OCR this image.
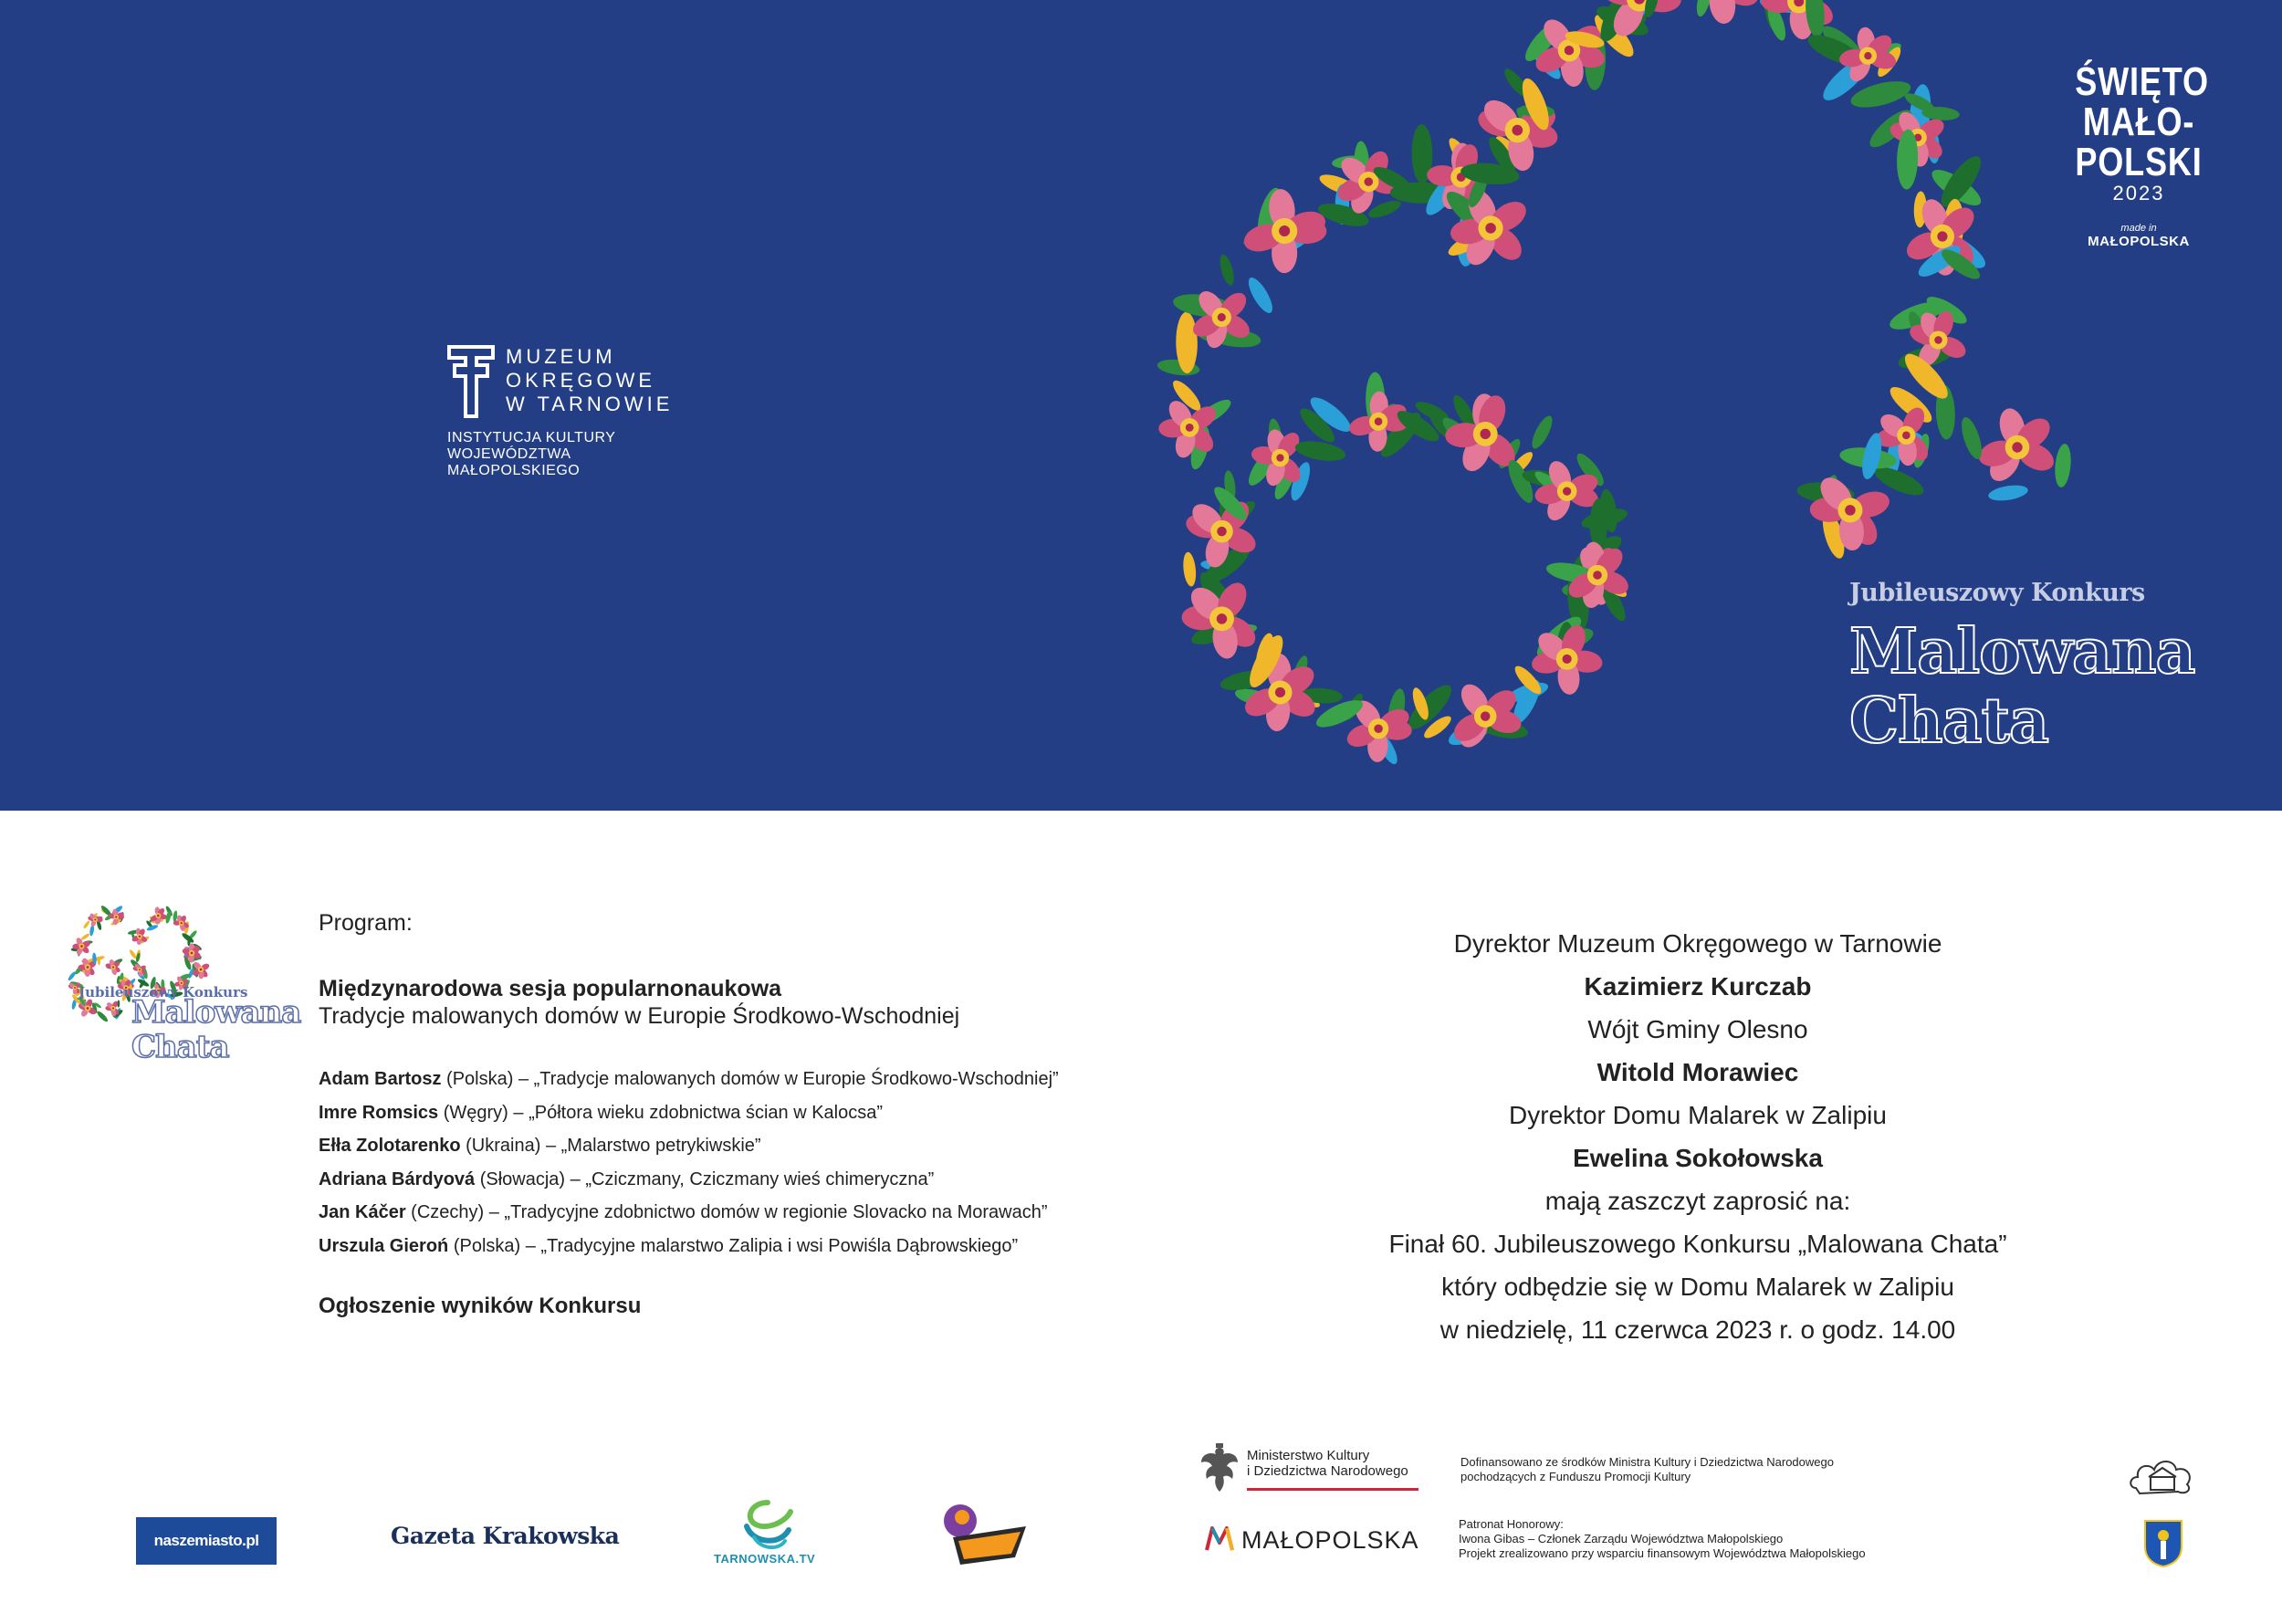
MUZEUM
OKRĘGOWE
W TARNOWIE
INSTYTUCJA KULTURY
WOJEWÓDZTWA
MAŁOPOLSKIEGO
ŚWIĘTO
MAŁO-
POLSKI
2023
made in
MAŁOPOLSKA
Jubileuszowy Konkurs
Malowana
Chata
Jubileuszowy Konkurs
Malowana
Chata
Program:
Międzynarodowa sesja popularnonaukowa
Tradycje malowanych domów w Europie Środkowo-Wschodniej
Adam Bartosz (Polska) – „Tradycje malowanych domów w Europie Środkowo-Wschodniej”
Imre Romsics (Węgry) – „Półtora wieku zdobnictwa ścian w Kalocsa”
Ełła Zolotarenko (Ukraina) – „Malarstwo petrykiwskie”
Adriana Bárdyová (Słowacja) – „Cziczmany, Cziczmany wieś chimeryczna”
Jan Káčer (Czechy) – „Tradycyjne zdobnictwo domów w regionie Slovacko na Morawach”
Urszula Gieroń (Polska) – „Tradycyjne malarstwo Zalipia i wsi Powiśla Dąbrowskiego”
Ogłoszenie wyników Konkursu
Dyrektor Muzeum Okręgowego w Tarnowie
Kazimierz Kurczab
Wójt Gminy Olesno
Witold Morawiec
Dyrektor Domu Malarek w Zalipiu
Ewelina Sokołowska
mają zaszczyt zaprosić na:
Finał 60. Jubileuszowego Konkursu „Malowana Chata”
który odbędzie się w Domu Malarek w Zalipiu
w niedzielę, 11 czerwca 2023 r. o godz. 14.00
naszemiasto.pl	Gazeta Krakowska
TARNOWSKA.TV
Ministerstwo Kultury
i Dziedzictwa Narodowego
Dofinansowano ze środków Ministra Kultury i Dziedzictwa Narodowego
pochodzących z Funduszu Promocji Kultury
MAŁOPOLSKA
Patronat Honorowy:
Iwona Gibas – Członek Zarządu Województwa Małopolskiego
Projekt zrealizowano przy wsparciu finansowym Województwa Małopolskiego
